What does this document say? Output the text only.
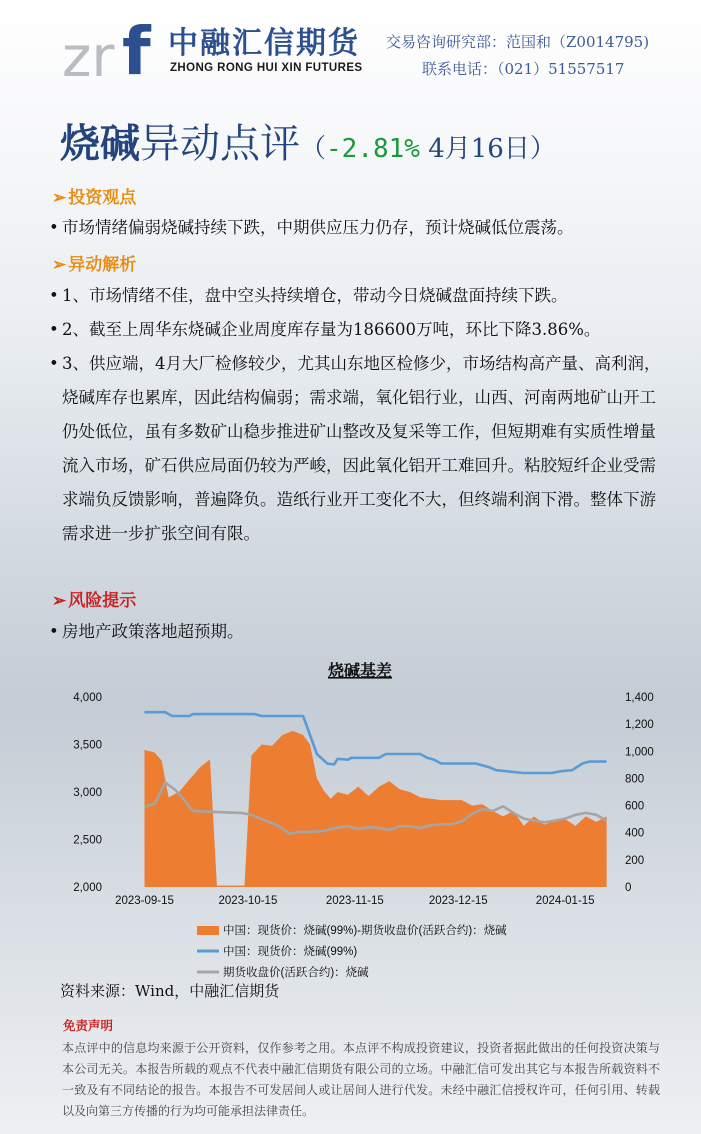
zr f 中融汇信期货
ZHONG RONG HUI XIN FUTURES
交易咨询研究部：范国和（Z0014795)
联系电话：（021）51557517
烧碱异动点评（-2.81% 4月16日）
➢ 投资观点
• 市场情绪偏弱烧碱持续下跌，中期供应压力仍存，预计烧碱低位震荡。
➢ 异动解析
• 1、市场情绪不佳，盘中空头持续增仓，带动今日烧碱盘面持续下跌。
• 2、截至上周华东烧碱企业周度库存量为186600万吨，环比下降3.86%。
• 3、供应端，4月大厂检修较少，尤其山东地区检修少，市场结构高产量、高利润，烧碱库存也累库，因此结构偏弱；需求端，氧化铝行业，山西、河南两地矿山开工仍处低位，虽有多数矿山稳步推进矿山整改及复采等工作，但短期难有实质性增量流入市场，矿石供应局面仍较为严峻，因此氧化铝开工难回升。粘胶短纤企业受需求端负反馈影响，普遍降负。造纸行业开工变化不大，但终端利润下滑。整体下游需求进一步扩张空间有限。
➢ 风险提示
• 房地产政策落地超预期。
烧碱基差
4,000
3,500
3,000
2,500
2,000
1,400
1,200
1,000
800
600
400
200
0
2023-09-15	2023-10-15	2023-11-15	2023-12-15	2024-01-15
中国：现货价：烧碱(99%)-期货收盘价(活跃合约)：烧碱
中国：现货价：烧碱(99%)
期货收盘价(活跃合约)：烧碱
资料来源：Wind，中融汇信期货
免责声明
本点评中的信息均来源于公开资料，仅作参考之用。本点评不构成投资建议，投资者据此做出的任何投资决策与本公司无关。本报告所载的观点不代表中融汇信期货有限公司的立场。中融汇信可发出其它与本报告所载资料不一致及有不同结论的报告。本报告不可发居间人或让居间人进行代发。未经中融汇信授权许可，任何引用、转载以及向第三方传播的行为均可能承担法律责任。
